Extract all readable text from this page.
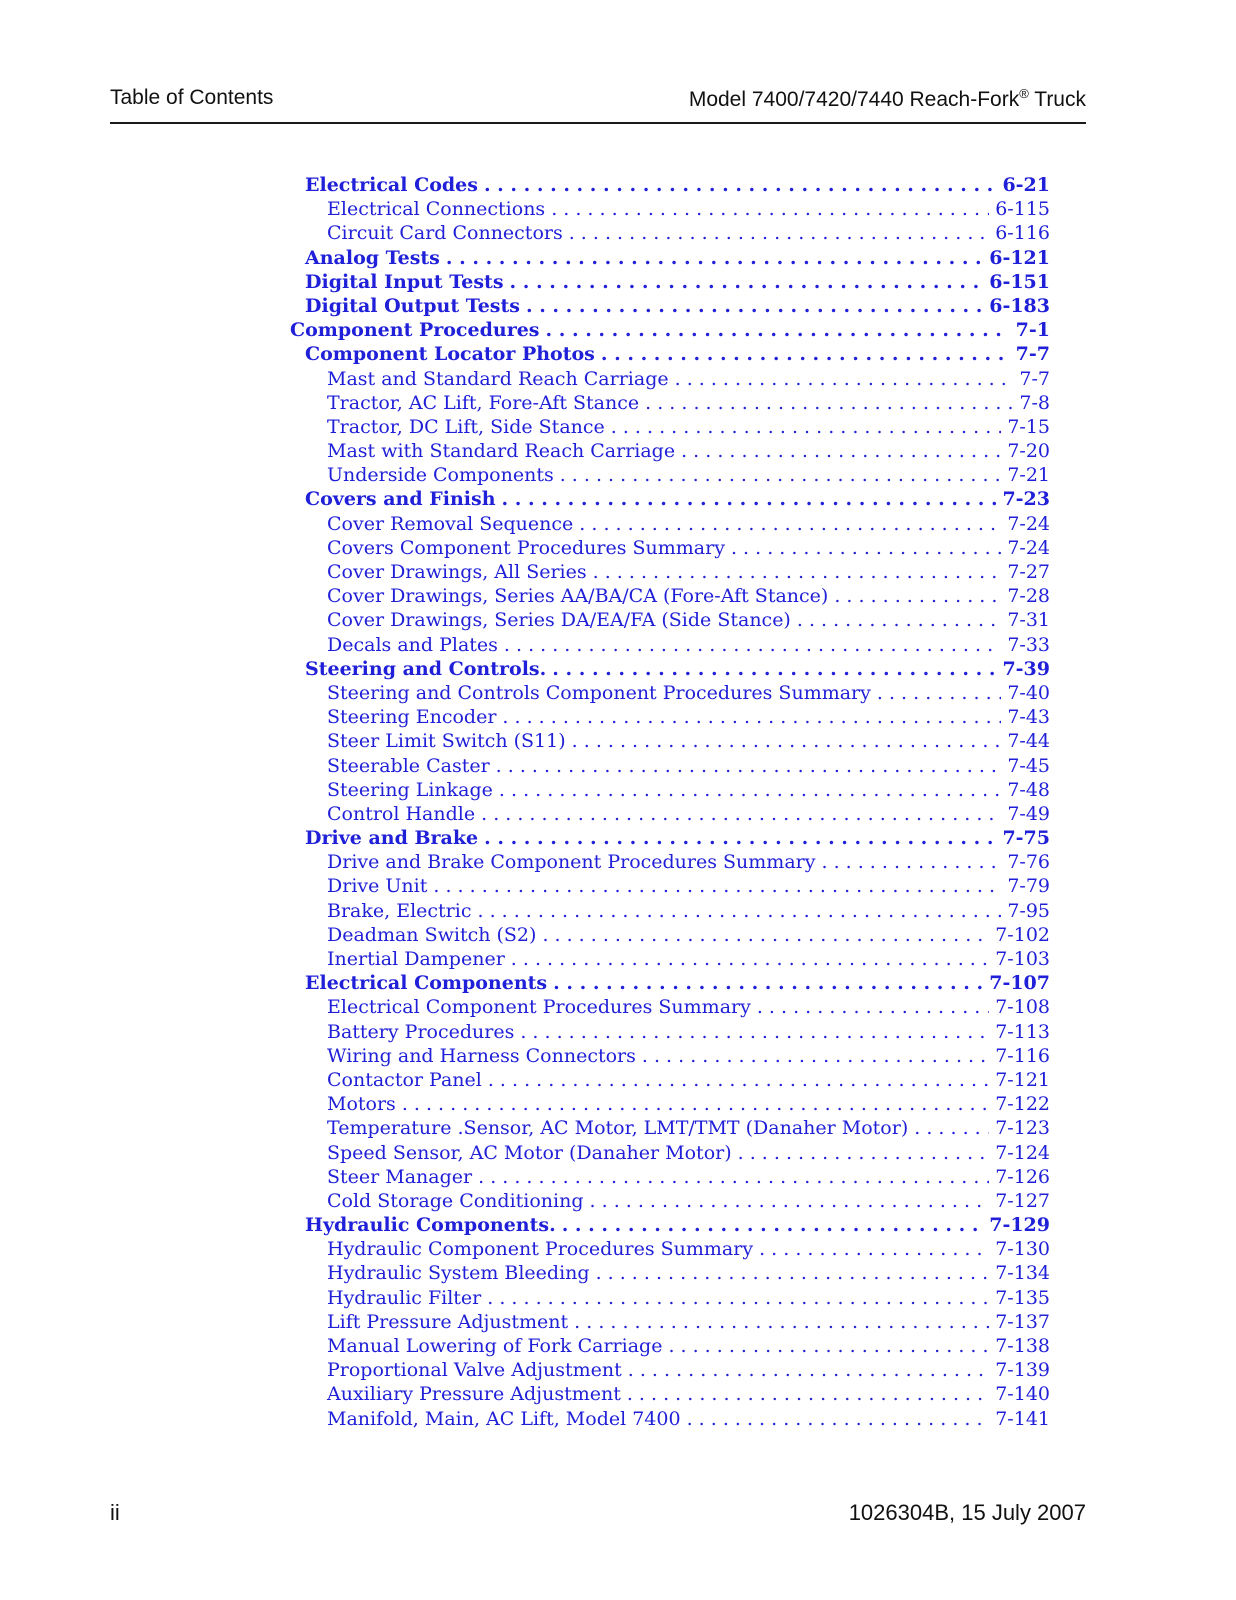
Table of Contents	Model 7400/7420/7440 Reach-Fork® Truck
Electrical Codes . . .	6-21
Electrical Connections . . .	6-115
Circuit Card Connectors . . .	6-116
Analog Tests . . .	6-121
Digital Input Tests . . .	6-151
Digital Output Tests . . .	6-183
Component Procedures . . .	7-1
Component Locator Photos . . .	7-7
Mast and Standard Reach Carriage . . .	7-7
Tractor, AC Lift, Fore-Aft Stance . . .	7-8
Tractor, DC Lift, Side Stance . . .	7-15
Mast with Standard Reach Carriage . . .	7-20
Underside Components . . .	7-21
Covers and Finish . . .	7-23
Cover Removal Sequence . . .	7-24
Covers Component Procedures Summary . . .	7-24
Cover Drawings, All Series . . .	7-27
Cover Drawings, Series AA/BA/CA (Fore-Aft Stance) . . .	7-28
Cover Drawings, Series DA/EA/FA (Side Stance) . . .	7-31
Decals and Plates . . .	7-33
Steering and Controls. . . .	7-39
Steering and Controls Component Procedures Summary . . .	7-40
Steering Encoder . . .	7-43
Steer Limit Switch (S11) . . .	7-44
Steerable Caster . . .	7-45
Steering Linkage . . .	7-48
Control Handle . . .	7-49
Drive and Brake . . .	7-75
Drive and Brake Component Procedures Summary . . .	7-76
Drive Unit . . .	7-79
Brake, Electric . . .	7-95
Deadman Switch (S2) . . .	7-102
Inertial Dampener . . .	7-103
Electrical Components . . .	7-107
Electrical Component Procedures Summary . . .	7-108
Battery Procedures . . .	7-113
Wiring and Harness Connectors . . .	7-116
Contactor Panel . . .	7-121
Motors . . .	7-122
Temperature .Sensor, AC Motor, LMT/TMT (Danaher Motor) . . .	7-123
Speed Sensor, AC Motor (Danaher Motor) . . .	7-124
Steer Manager . . .	7-126
Cold Storage Conditioning . . .	7-127
Hydraulic Components. . . .	7-129
Hydraulic Component Procedures Summary . . .	7-130
Hydraulic System Bleeding . . .	7-134
Hydraulic Filter . . .	7-135
Lift Pressure Adjustment . . .	7-137
Manual Lowering of Fork Carriage . . .	7-138
Proportional Valve Adjustment . . .	7-139
Auxiliary Pressure Adjustment . . .	7-140
Manifold, Main, AC Lift, Model 7400 . . .	7-141
ii	1026304B, 15 July 2007
